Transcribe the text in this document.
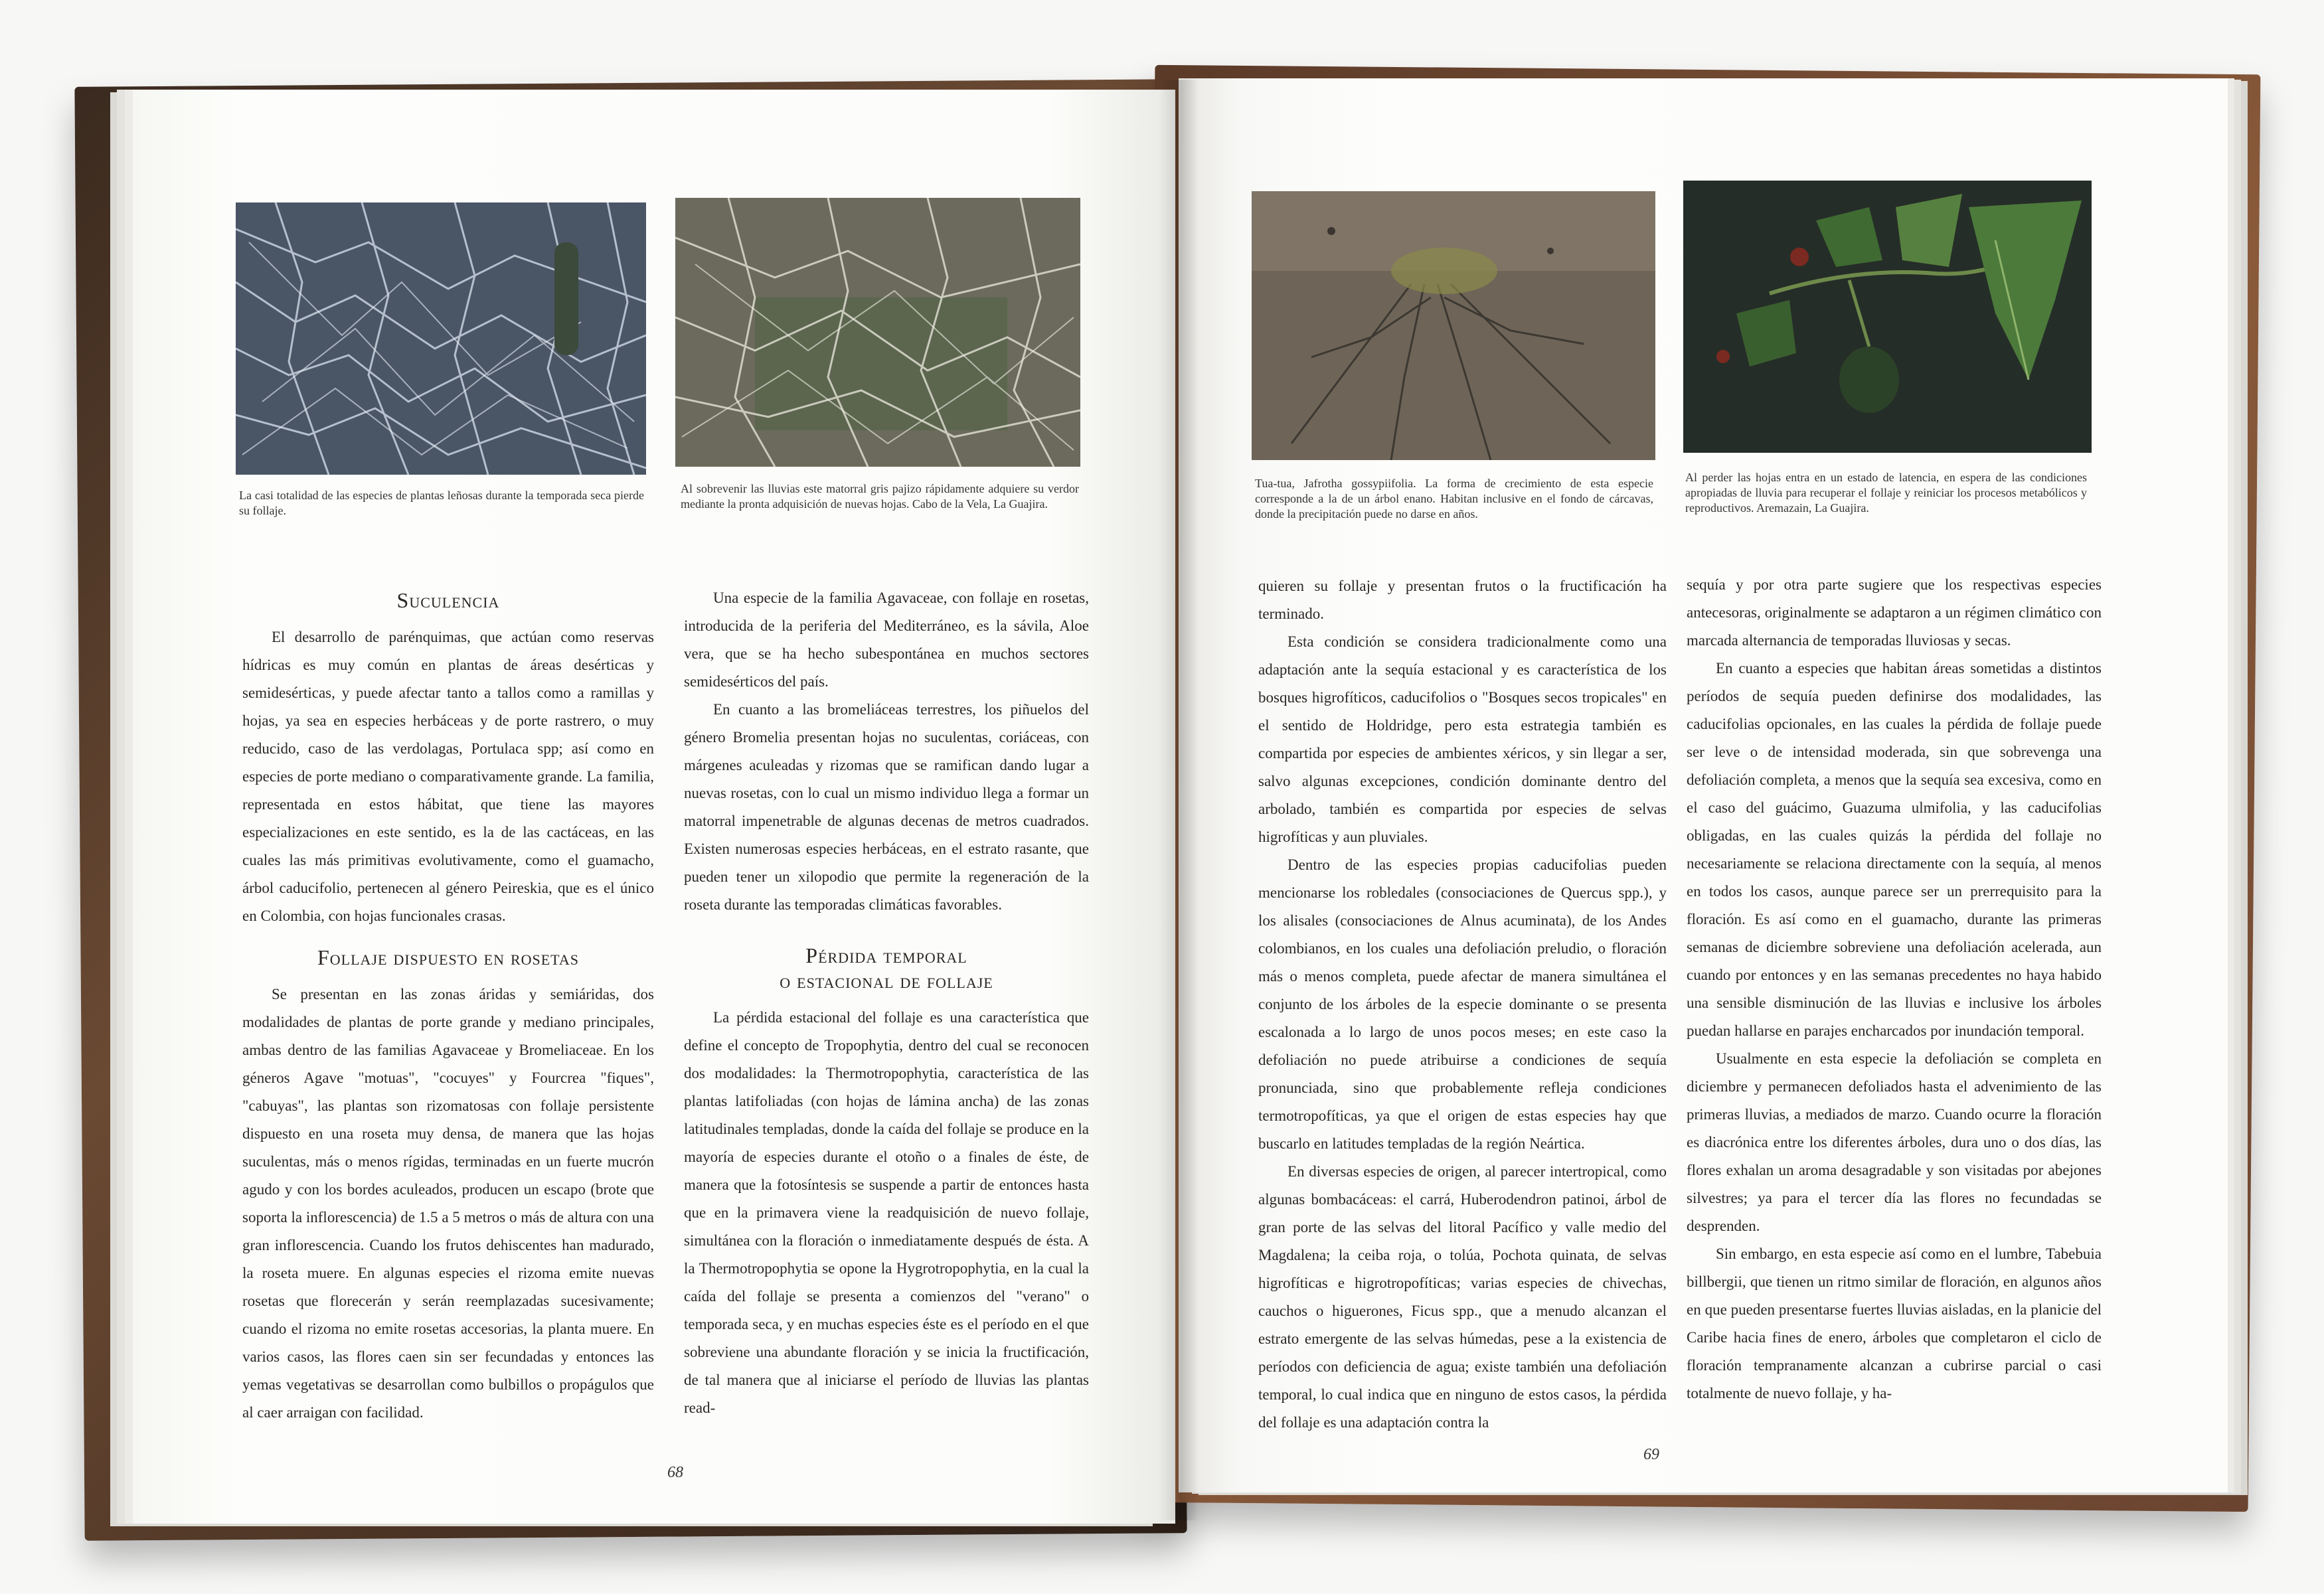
La casi totalidad de las especies de plantas leñosas durante la temporada seca pierde su follaje.
Al sobrevenir las lluvias este matorral gris pajizo rápidamente adquiere su verdor mediante la pronta adquisición de nuevas hojas. Cabo de la Vela, La Guajira.
Suculencia

El desarrollo de parénquimas, que actúan como reservas hídricas es muy común en plantas de áreas desérticas y semidesérticas, y puede afectar tanto a tallos como a ramillas y hojas, ya sea en especies herbáceas y de porte rastrero, o muy reducido, caso de las verdolagas, Portulaca spp; así como en especies de porte mediano o comparativamente grande. La familia, representada en estos hábitat, que tiene las mayores especializaciones en este sentido, es la de las cactáceas, en las cuales las más primitivas evolutivamente, como el guamacho, árbol caducifolio, pertenecen al género Peireskia, que es el único en Colombia, con hojas funcionales crasas.

Follaje dispuesto en rosetas

Se presentan en las zonas áridas y semiáridas, dos modalidades de plantas de porte grande y mediano principales, ambas dentro de las familias Agavaceae y Bromeliaceae. En los géneros Agave "motuas", "cocuyes" y Fourcrea "fiques", "cabuyas", las plantas son rizomatosas con follaje persistente dispuesto en una roseta muy densa, de manera que las hojas suculentas, más o menos rígidas, terminadas en un fuerte mucrón agudo y con los bordes aculeados, producen un escapo (brote que soporta la inflorescencia) de 1.5 a 5 metros o más de altura con una gran inflorescencia. Cuando los frutos dehiscentes han madurado, la roseta muere. En algunas especies el rizoma emite nuevas rosetas que florecerán y serán reemplazadas sucesivamente; cuando el rizoma no emite rosetas accesorias, la planta muere. En varios casos, las flores caen sin ser fecundadas y entonces las yemas vegetativas se desarrollan como bulbillos o propágulos que al caer arraigan con facilidad.

Una especie de la familia Agavaceae, con follaje en rosetas, introducida de la periferia del Mediterráneo, es la sávila, Aloe vera, que se ha hecho subespontánea en muchos sectores semidesérticos del país.

En cuanto a las bromeliáceas terrestres, los piñuelos del género Bromelia presentan hojas no suculentas, coriáceas, con márgenes aculeadas y rizomas que se ramifican dando lugar a nuevas rosetas, con lo cual un mismo individuo llega a formar un matorral impenetrable de algunas decenas de metros cuadrados. Existen numerosas especies herbáceas, en el estrato rasante, que pueden tener un xilopodio que permite la regeneración de la roseta durante las temporadas climáticas favorables.

Pérdida temporal
o estacional de follaje

La pérdida estacional del follaje es una característica que define el concepto de Tropophytia, dentro del cual se reconocen dos modalidades: la Thermotropophytia, característica de las plantas latifoliadas (con hojas de lámina ancha) de las zonas latitudinales templadas, donde la caída del follaje se produce en la mayoría de especies durante el otoño o a finales de éste, de manera que la fotosíntesis se suspende a partir de entonces hasta que en la primavera viene la readquisición de nuevo follaje, simultánea con la floración o inmediatamente después de ésta. A la Thermotropophytia se opone la Hygrotropophytia, en la cual la caída del follaje se presenta a comienzos del "verano" o temporada seca, y en muchas especies éste es el período en el que sobreviene una abundante floración y se inicia la fructificación, de tal manera que al iniciarse el período de lluvias las plantas read-

68
Tua-tua, Jafrotha gossypiifolia. La forma de crecimiento de esta especie corresponde a la de un árbol enano. Habitan inclusive en el fondo de cárcavas, donde la precipitación puede no darse en años.
Al perder las hojas entra en un estado de latencia, en espera de las condiciones apropiadas de lluvia para recuperar el follaje y reiniciar los procesos metabólicos y reproductivos. Aremazain, La Guajira.

quieren su follaje y presentan frutos o la fructificación ha terminado.

Esta condición se considera tradicionalmente como una adaptación ante la sequía estacional y es característica de los bosques higrofíticos, caducifolios o "Bosques secos tropicales" en el sentido de Holdridge, pero esta estrategia también es compartida por especies de ambientes xéricos, y sin llegar a ser, salvo algunas excepciones, condición dominante dentro del arbolado, también es compartida por especies de selvas higrofíticas y aun pluviales.

Dentro de las especies propias caducifolias pueden mencionarse los robledales (consociaciones de Quercus spp.), y los alisales (consociaciones de Alnus acuminata), de los Andes colombianos, en los cuales una defoliación preludio, o floración más o menos completa, puede afectar de manera simultánea el conjunto de los árboles de la especie dominante o se presenta escalonada a lo largo de unos pocos meses; en este caso la defoliación no puede atribuirse a condiciones de sequía pronunciada, sino que probablemente refleja condiciones termotropofíticas, ya que el origen de estas especies hay que buscarlo en latitudes templadas de la región Neártica.

En diversas especies de origen, al parecer intertropical, como algunas bombacáceas: el carrá, Huberodendron patinoi, árbol de gran porte de las selvas del litoral Pacífico y valle medio del Magdalena; la ceiba roja, o tolúa, Pochota quinata, de selvas higrofíticas e higrotropofíticas; varias especies de chivechas, cauchos o higuerones, Ficus spp., que a menudo alcanzan el estrato emergente de las selvas húmedas, pese a la existencia de períodos con deficiencia de agua; existe también una defoliación temporal, lo cual indica que en ninguno de estos casos, la pérdida del follaje es una adaptación contra la

sequía y por otra parte sugiere que los respectivas especies antecesoras, originalmente se adaptaron a un régimen climático con marcada alternancia de temporadas lluviosas y secas.

En cuanto a especies que habitan áreas sometidas a distintos períodos de sequía pueden definirse dos modalidades, las caducifolias opcionales, en las cuales la pérdida de follaje puede ser leve o de intensidad moderada, sin que sobrevenga una defoliación completa, a menos que la sequía sea excesiva, como en el caso del guácimo, Guazuma ulmifolia, y las caducifolias obligadas, en las cuales quizás la pérdida del follaje no necesariamente se relaciona directamente con la sequía, al menos en todos los casos, aunque parece ser un prerrequisito para la floración. Es así como en el guamacho, durante las primeras semanas de diciembre sobreviene una defoliación acelerada, aun cuando por entonces y en las semanas precedentes no haya habido una sensible disminución de las lluvias e inclusive los árboles puedan hallarse en parajes encharcados por inundación temporal.

Usualmente en esta especie la defoliación se completa en diciembre y permanecen defoliados hasta el advenimiento de las primeras lluvias, a mediados de marzo. Cuando ocurre la floración es diacrónica entre los diferentes árboles, dura uno o dos días, las flores exhalan un aroma desagradable y son visitadas por abejones silvestres; ya para el tercer día las flores no fecundadas se desprenden.

Sin embargo, en esta especie así como en el lumbre, Tabebuia billbergii, que tienen un ritmo similar de floración, en algunos años en que pueden presentarse fuertes lluvias aisladas, en la planicie del Caribe hacia fines de enero, árboles que completaron el ciclo de floración tempranamente alcanzan a cubrirse parcial o casi totalmente de nuevo follaje, y ha-

69
